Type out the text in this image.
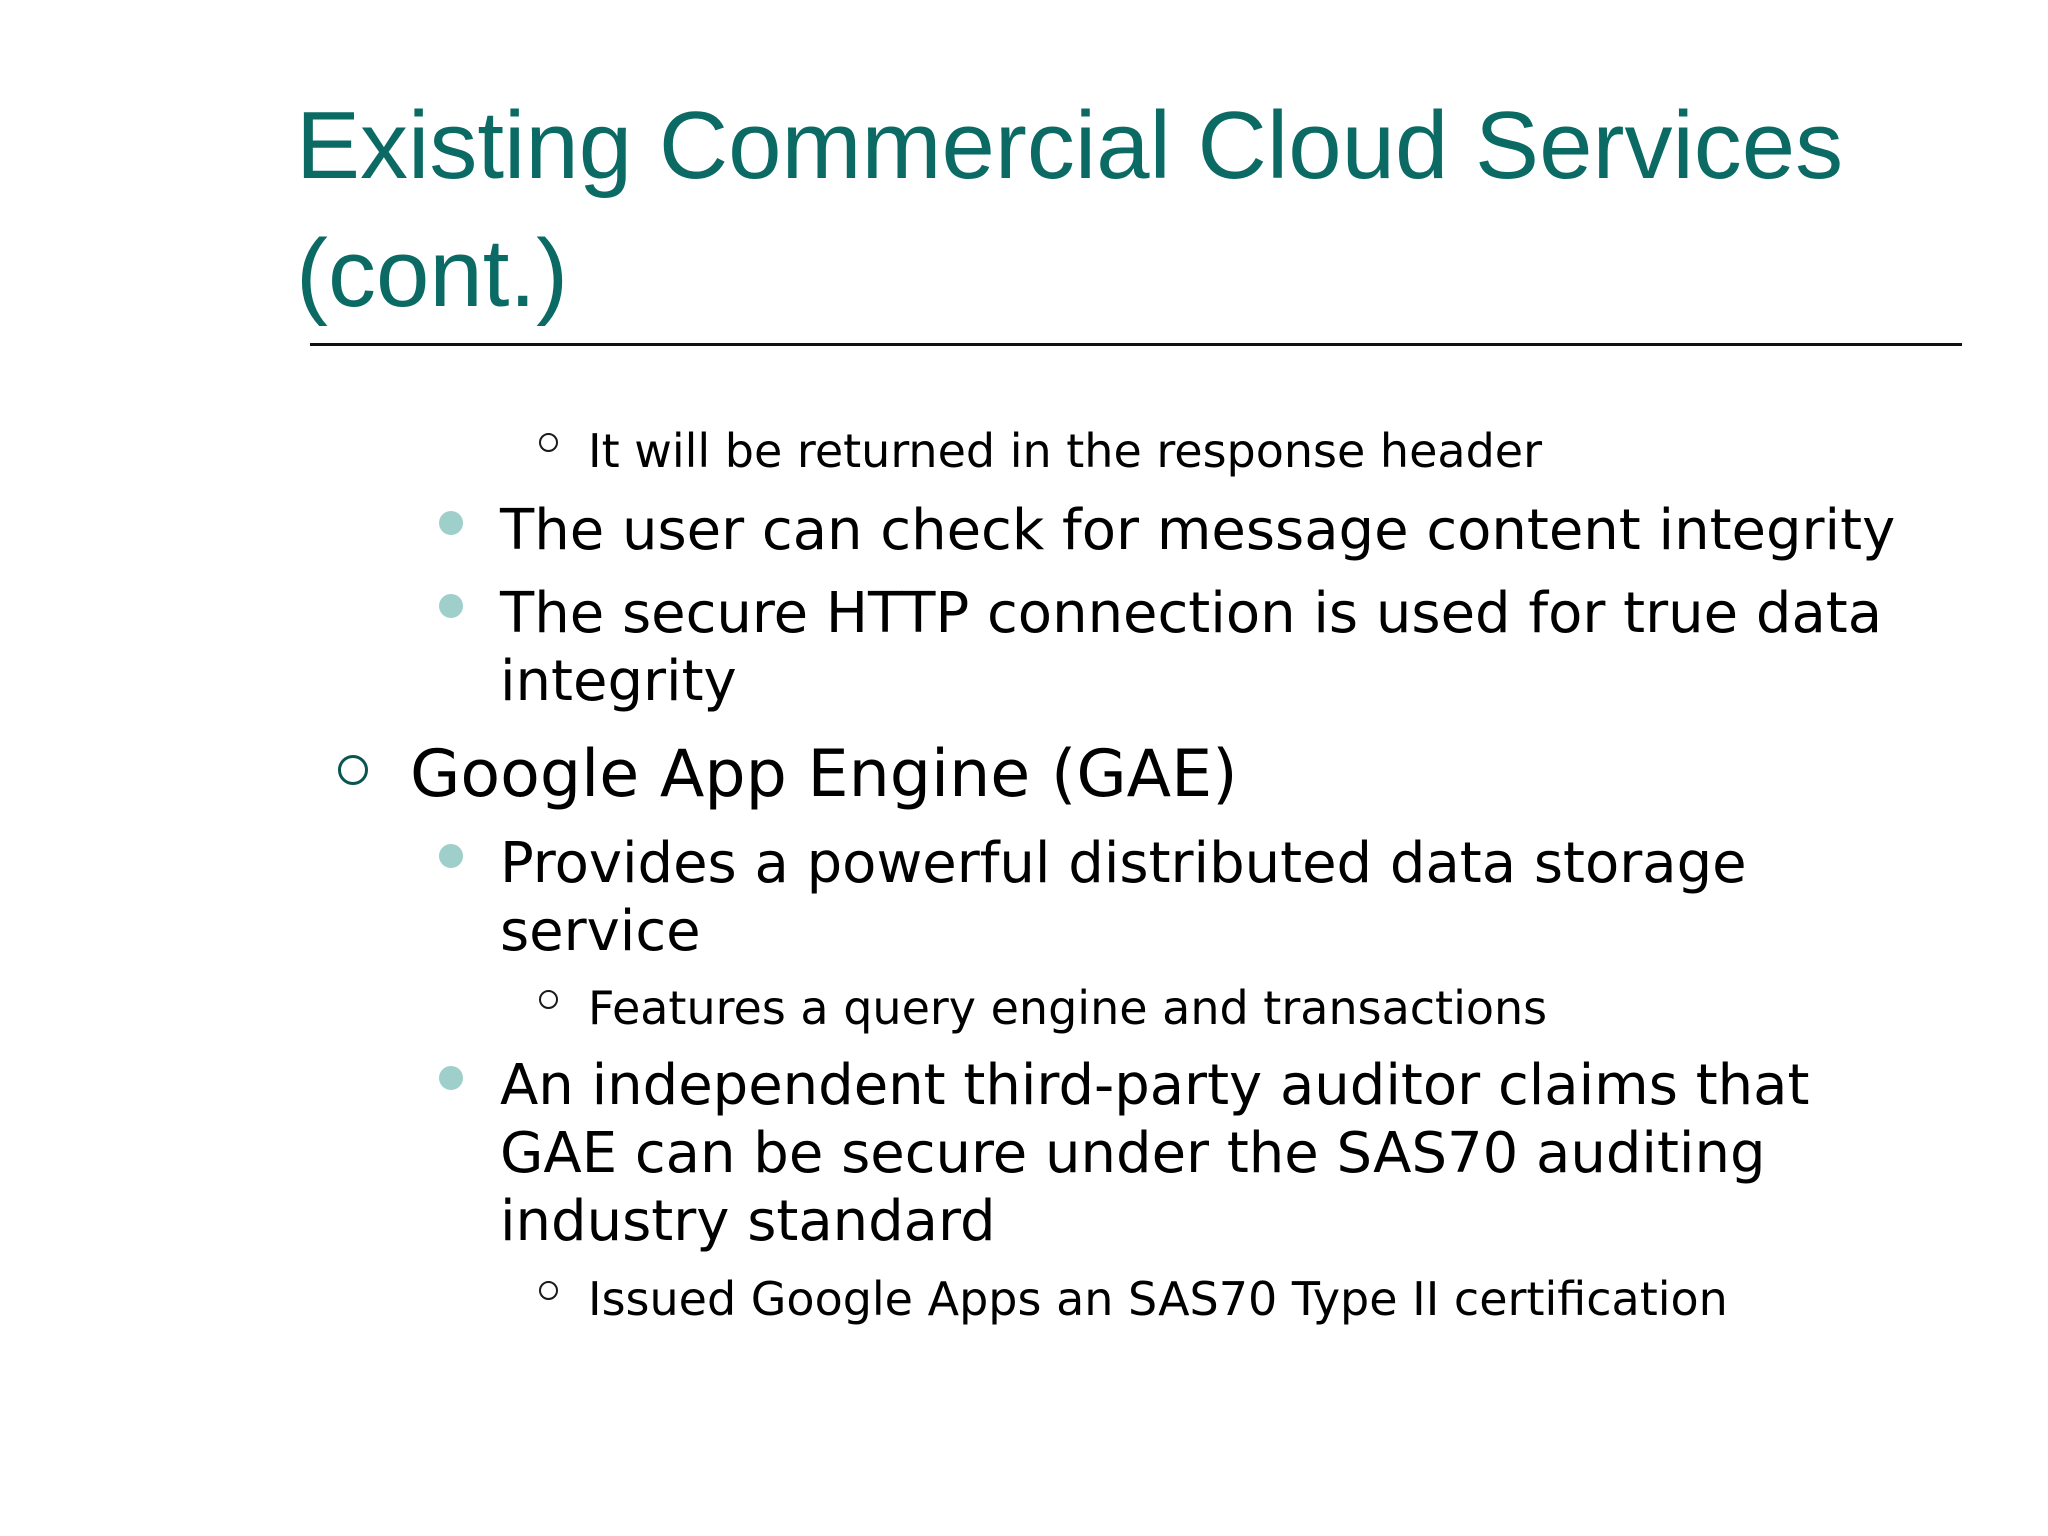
Existing Commercial Cloud Services (cont.)
It will be returned in the response header
The user can check for message content integrity
The secure HTTP connection is used for true data integrity
Google App Engine (GAE)
Provides a powerful distributed data storage service
Features a query engine and transactions
An independent third-party auditor claims that GAE can be secure under the SAS70 auditing industry standard
Issued Google Apps an SAS70 Type II certification
